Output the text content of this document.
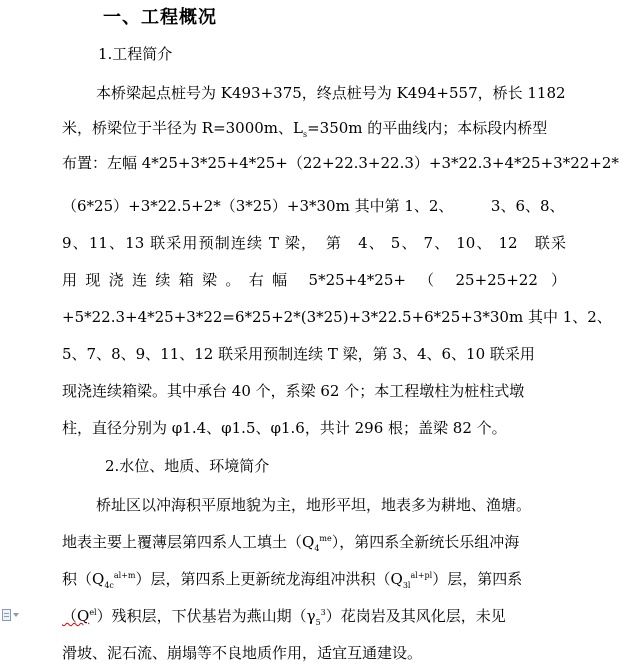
一、工程概况
1.工程简介
本桥梁起点桩号为 K493+375，终点桩号为 K494+557，桥长 1182
米，桥梁位于半径为 R=3000m、$L_s=350m$ 的平曲线内；本标段内桥型
布置：左幅 4*25+3*25+4*25+（22+22.3+22.3）+3*22.3+4*25+3*22+2*
（6*25）+3*22.5+2*（3*25）+3*30m 其中第 1、2、　　　3、6、8、
9、11、13 联采用预制连续 T 梁，　第　4、 5、 7、 10、 12　联采
用现浇连续箱梁。右幅 5*25+4*25+ （ 25+25+22 ）
+5*22.3+4*25+3*22=6*25+2*(3*25)+3*22.5+6*25+3*30m 其中 1、2、
5、7、8、9、11、12 联采用预制连续 T 梁，第 3、4、6、10 联采用
现浇连续箱梁。其中承台 40 个，系梁 62 个；本工程墩柱为桩柱式墩
柱，直径分别为 φ1.4、φ1.5、φ1.6，共计 296 根；盖梁 82 个。
2.水位、地质、环境简介
桥址区以冲海积平原地貌为主，地形平坦，地表多为耕地、渔塘。
地表主要上覆薄层第四系人工填土$(Q_4^{me})$，第四系全新统长乐组冲海
积$(Q_{4c}^{al+m})$层，第四系上更新统龙海组冲洪积$(Q_{3l}^{al+pl})$层，第四系
$(Q^{el})$残积层，下伏基岩为燕山期$(\gamma_5^3)$花岗岩及其风化层，未见
滑坡、泥石流、崩塌等不良地质作用，适宜互通建设。
